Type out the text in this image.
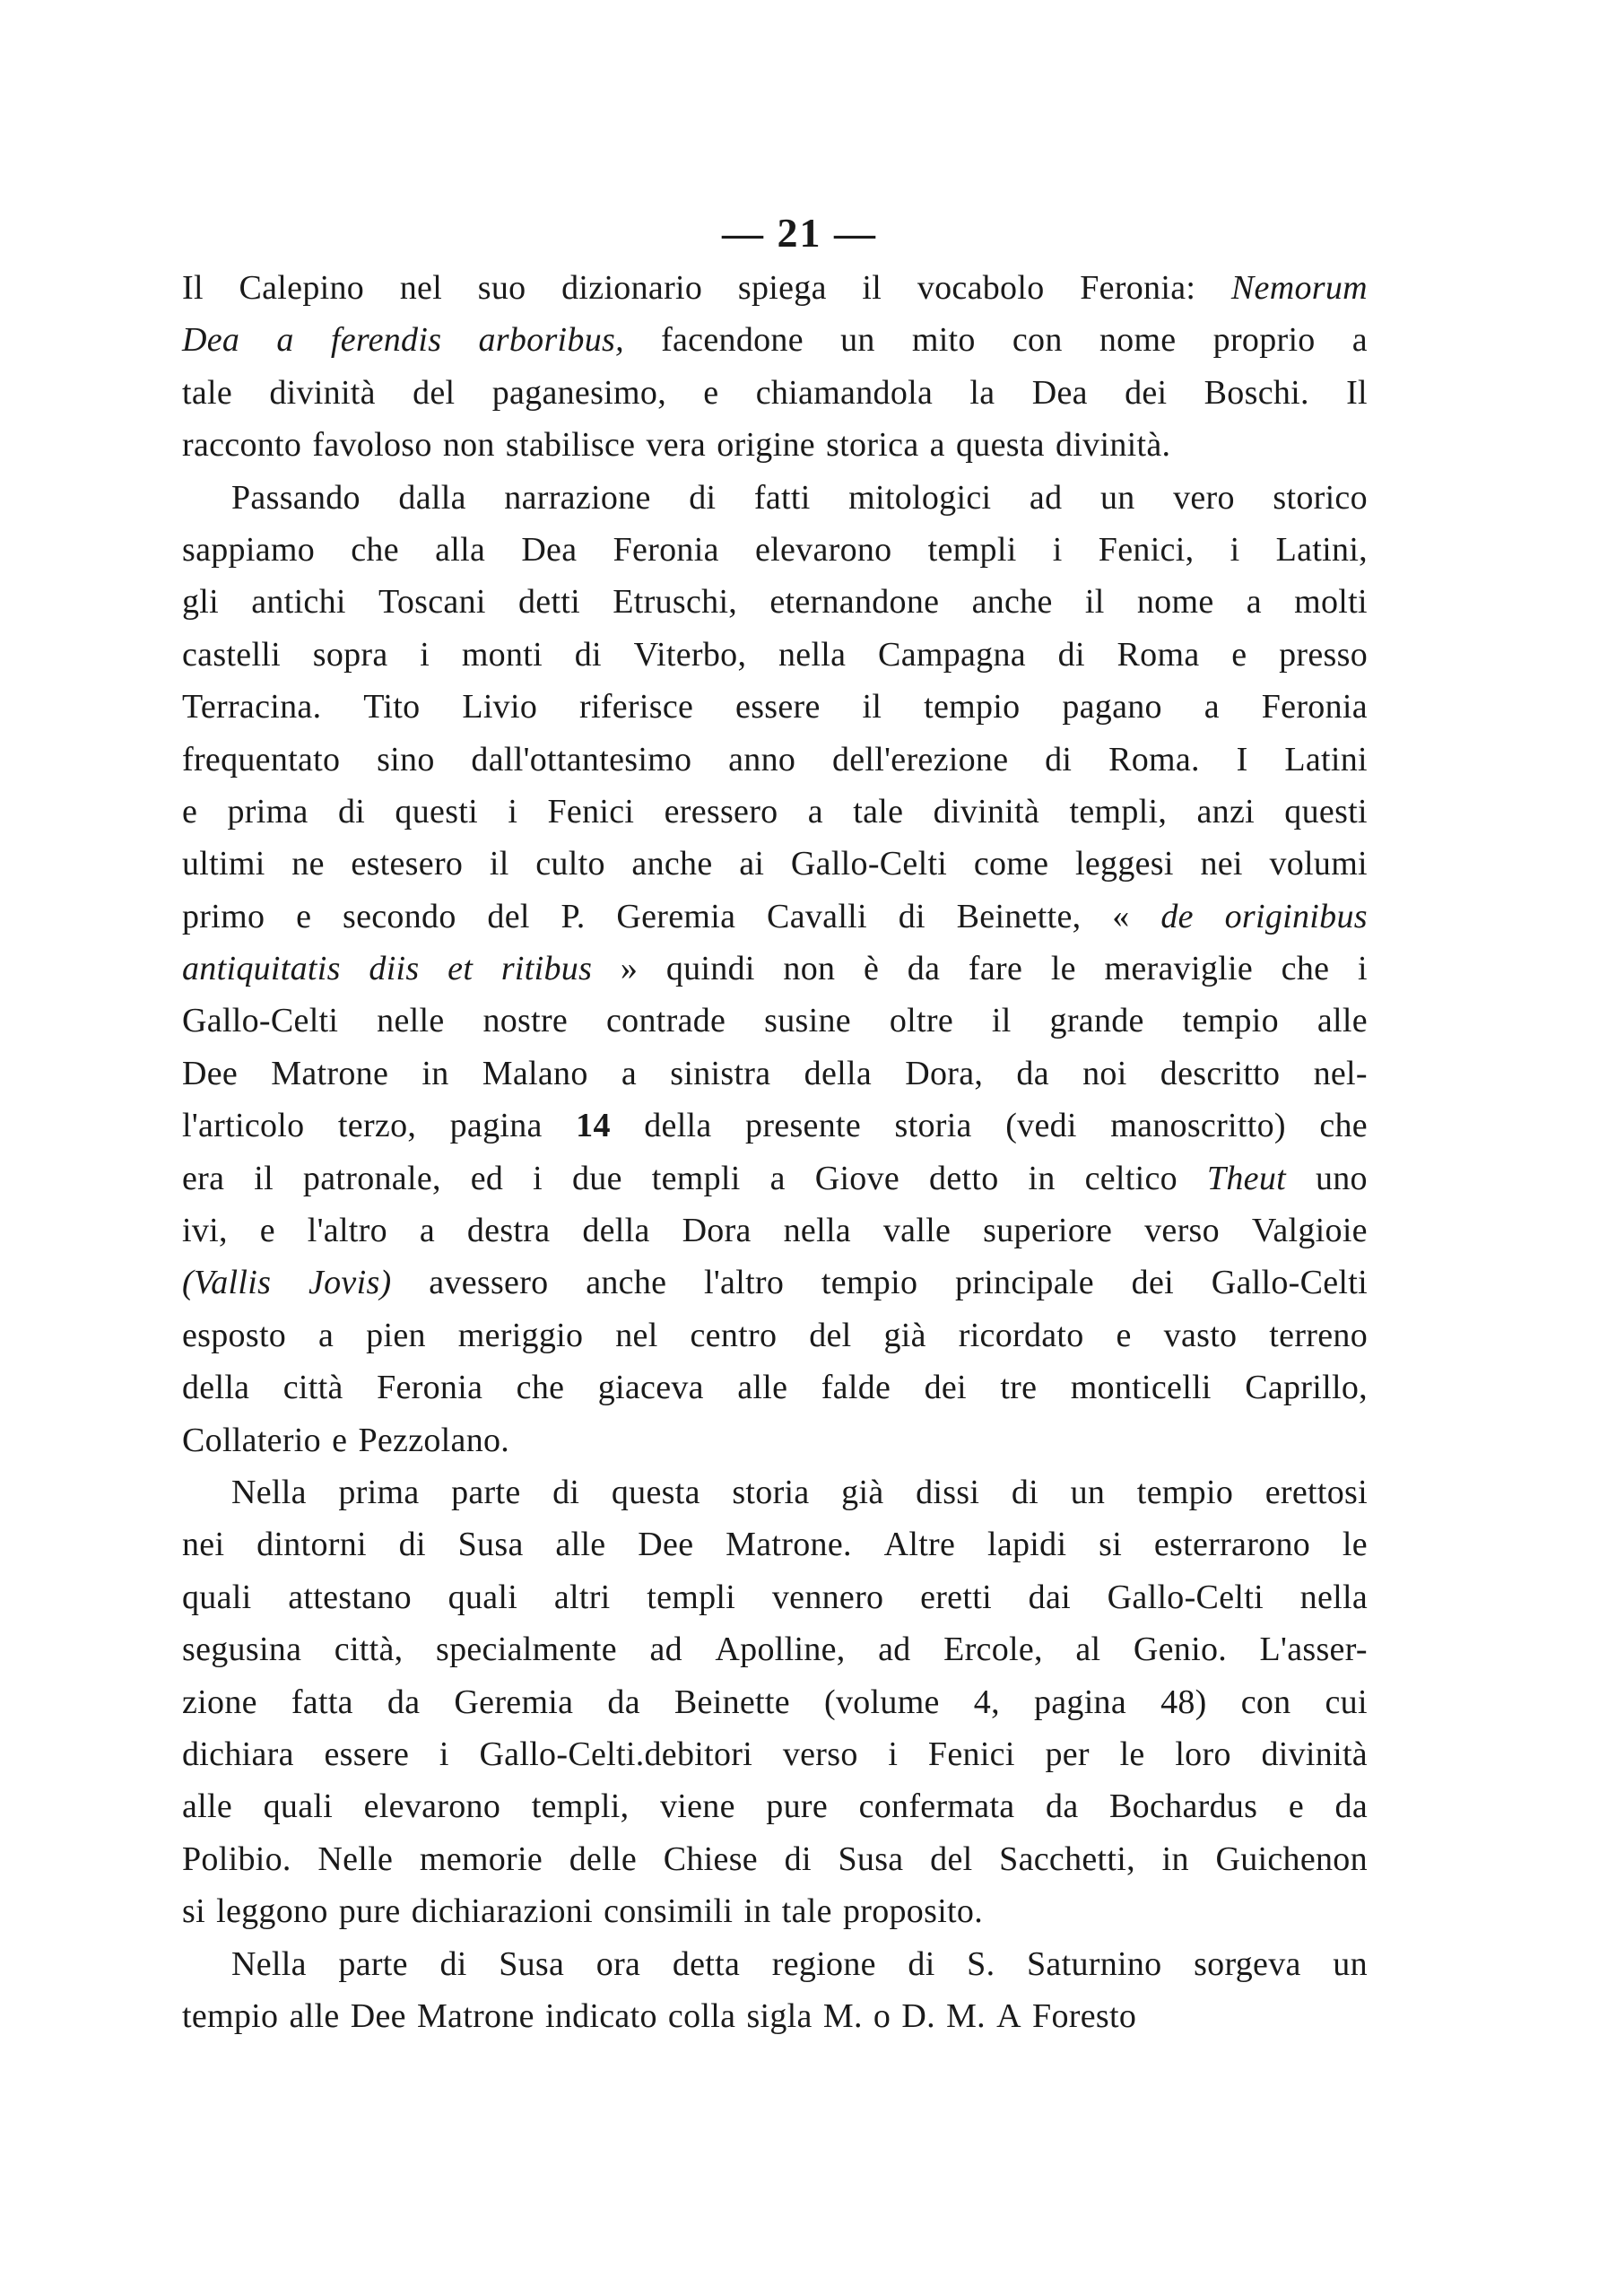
— 21 —
Il Calepino nel suo dizionario spiega il vocabolo Feronia: Nemorum
Dea a ferendis arboribus, facendone un mito con nome proprio a
tale divinità del paganesimo, e chiamandola la Dea dei Boschi. Il
racconto favoloso non stabilisce vera origine storica a questa divinità.
Passando dalla narrazione di fatti mitologici ad un vero storico
sappiamo che alla Dea Feronia elevarono templi i Fenici, i Latini,
gli antichi Toscani detti Etruschi, eternandone anche il nome a molti
castelli sopra i monti di Viterbo, nella Campagna di Roma e presso
Terracina. Tito Livio riferisce essere il tempio pagano a Feronia
frequentato sino dall'ottantesimo anno dell'erezione di Roma. I Latini
e prima di questi i Fenici eressero a tale divinità templi, anzi questi
ultimi ne estesero il culto anche ai Gallo-Celti come leggesi nei volumi
primo e secondo del P. Geremia Cavalli di Beinette, « de originibus
antiquitatis diis et ritibus » quindi non è da fare le meraviglie che i
Gallo-Celti nelle nostre contrade susine oltre il grande tempio alle
Dee Matrone in Malano a sinistra della Dora, da noi descritto nel-
l'articolo terzo, pagina 14 della presente storia (vedi manoscritto) che
era il patronale, ed i due templi a Giove detto in celtico Theut uno
ivi, e l'altro a destra della Dora nella valle superiore verso Valgioie
(Vallis Jovis) avessero anche l'altro tempio principale dei Gallo-Celti
esposto a pien meriggio nel centro del già ricordato e vasto terreno
della città Feronia che giaceva alle falde dei tre monticelli Caprillo,
Collaterio e Pezzolano.
Nella prima parte di questa storia già dissi di un tempio erettosi
nei dintorni di Susa alle Dee Matrone. Altre lapidi si esterrarono le
quali attestano quali altri templi vennero eretti dai Gallo-Celti nella
segusina città, specialmente ad Apolline, ad Ercole, al Genio. L'asser-
zione fatta da Geremia da Beinette (volume 4, pagina 48) con cui
dichiara essere i Gallo-Celti.debitori verso i Fenici per le loro divinità
alle quali elevarono templi, viene pure confermata da Bochardus e da
Polibio. Nelle memorie delle Chiese di Susa del Sacchetti, in Guichenon
si leggono pure dichiarazioni consimili in tale proposito.
Nella parte di Susa ora detta regione di S. Saturnino sorgeva un
tempio alle Dee Matrone indicato colla sigla M. o D. M. A Foresto
